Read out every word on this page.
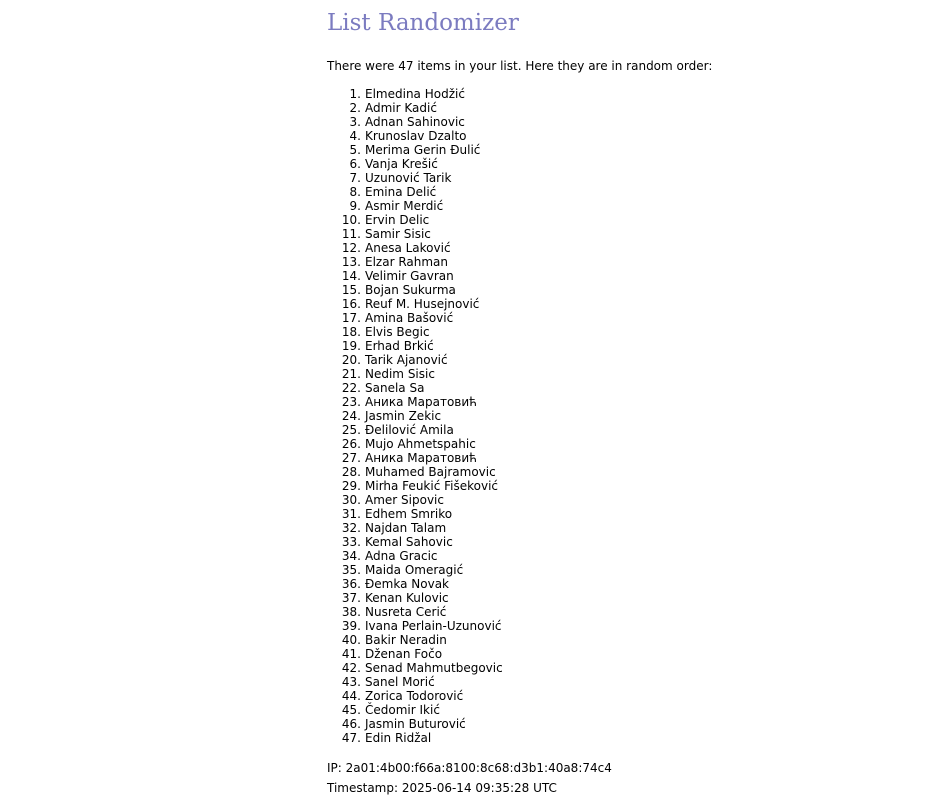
List Randomizer

There were 47 items in your list. Here they are in random order:

1. Elmedina Hodžić
2. Admir Kadić
3. Adnan Sahinovic
4. Krunoslav Dzalto
5. Merima Gerin Đulić
6. Vanja Krešić
7. Uzunović Tarik
8. Emina Delić
9. Asmir Merdić
10. Ervin Delic
11. Samir Sisic
12. Anesa Laković
13. Elzar Rahman
14. Velimir Gavran
15. Bojan Sukurma
16. Reuf M. Husejnović
17. Amina Bašović
18. Elvis Begic
19. Erhad Brkić
20. Tarik Ajanović
21. Nedim Sisic
22. Sanela Sa
23. Аника Маратовић
24. Jasmin Zekic
25. Đelilović Amila
26. Mujo Ahmetspahic
27. Аника Маратовић
28. Muhamed Bajramovic
29. Mirha Feukić Fišeković
30. Amer Sipovic
31. Edhem Smriko
32. Najdan Talam
33. Kemal Sahovic
34. Adna Gracic
35. Maida Omeragić
36. Đemka Novak
37. Kenan Kulovic
38. Nusreta Cerić
39. Ivana Perlain-Uzunović
40. Bakir Neradin
41. Dženan Fočo
42. Senad Mahmutbegovic
43. Sanel Morić
44. Zorica Todorović
45. Čedomir Ikić
46. Jasmin Buturović
47. Edin Ridžal

IP: 2a01:4b00:f66a:8100:8c68:d3b1:40a8:74c4

Timestamp: 2025-06-14 09:35:28 UTC
